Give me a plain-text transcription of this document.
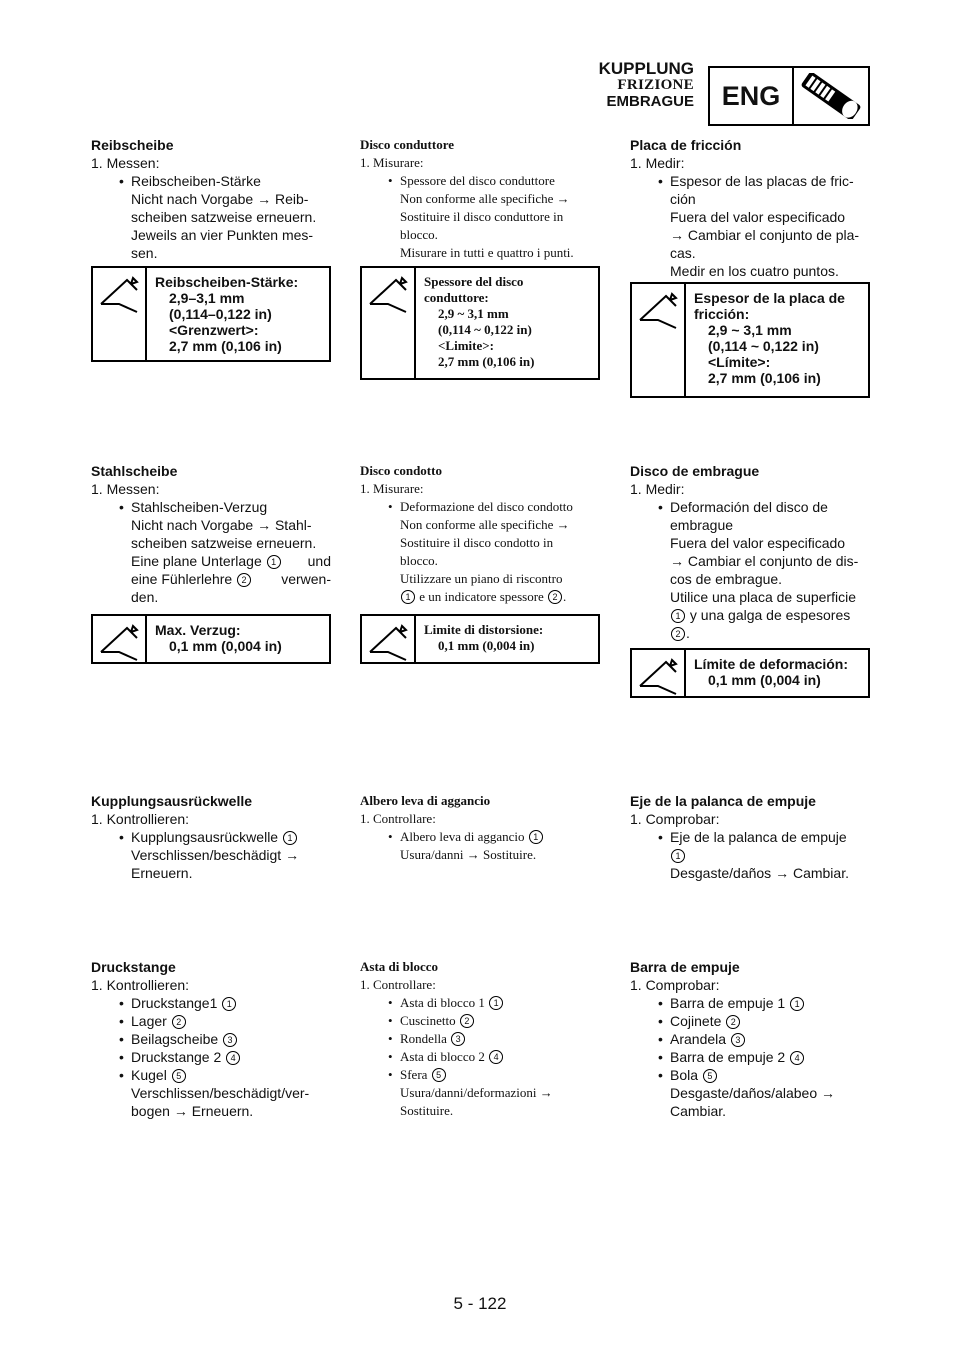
KUPPLUNG
FRIZIONE
EMBRAGUE	ENG
Reibscheibe
1. Messen:
• Reibscheiben-Stärke
Nicht nach Vorgabe → Reib-
scheiben satzweise erneuern.
Jeweils an vier Punkten mes-
sen.
Reibscheiben-Stärke:

2,9–3,1 mm
(0,114–0,122 in)
<Grenzwert>:
2,7 mm (0,106 in)
Stahlscheibe
1. Messen:
• Stahlscheiben-Verzug
Nicht nach Vorgabe → Stahl-
scheiben satzweise erneuern.
Eine plane Unterlage 1	und
eine Fühlerlehre 2	verwen-
den.
Max. Verzug:

0,1 mm (0,004 in)
Kupplungsausrückwelle
1. Kontrollieren:
• Kupplungsausrückwelle 1
Verschlissen/beschädigt →
Erneuern.
Druckstange
1. Kontrollieren:
• Druckstange1 1
• Lager 2
• Beilagscheibe 3
• Druckstange 2 4
• Kugel 5
Verschlissen/beschädigt/ver-
bogen → Erneuern.
Disco conduttore
1. Misurare:
• Spessore del disco conduttore
Non conforme alle specifiche →
Sostituire il disco conduttore in
blocco.
Misurare in tutti e quattro i punti.
Spessore del disco
conduttore:
2,9 ~ 3,1 mm
(0,114 ~ 0,122 in)
<Limite>:
2,7 mm (0,106 in)
Disco condotto
1. Misurare:
• Deformazione del disco condotto
Non conforme alle specifiche →
Sostituire il disco condotto in
blocco.
Utilizzare un piano di riscontro
1 e un indicatore spessore 2 .
Limite di distorsione:

0,1 mm (0,004 in)
Albero leva di aggancio
1. Controllare:
• Albero leva di aggancio 1
Usura/danni → Sostituire.
Asta di blocco
1. Controllare:
• Asta di blocco 1 1
• Cuscinetto 2
• Rondella 3
• Asta di blocco 2 4
• Sfera 5
Usura/danni/deformazioni →
Sostituire.
Placa de fricción
1. Medir:
• Espesor de las placas de fric-
ción
Fuera del valor especificado
→ Cambiar el conjunto de pla-
cas.
Medir en los cuatro puntos.
Espesor de la placa de
fricción:
2,9 ~ 3,1 mm
(0,114 ~ 0,122 in)
<Límite>:
2,7 mm (0,106 in)
Disco de embrague
1. Medir:
• Deformación del disco de
embrague
Fuera del valor especificado
→ Cambiar el conjunto de dis-
cos de embrague.
Utilice una placa de superficie
1 y una galga de espesores
2 .
Límite de deformación:

0,1 mm (0,004 in)
Eje de la palanca de empuje
1. Comprobar:
• Eje de la palanca de empuje
1
Desgaste/daños → Cambiar.
Barra de empuje
1. Comprobar:
• Barra de empuje 1 1
• Cojinete 2
• Arandela 3
• Barra de empuje 2 4
• Bola 5
Desgaste/daños/alabeo →
Cambiar.
5 - 122
